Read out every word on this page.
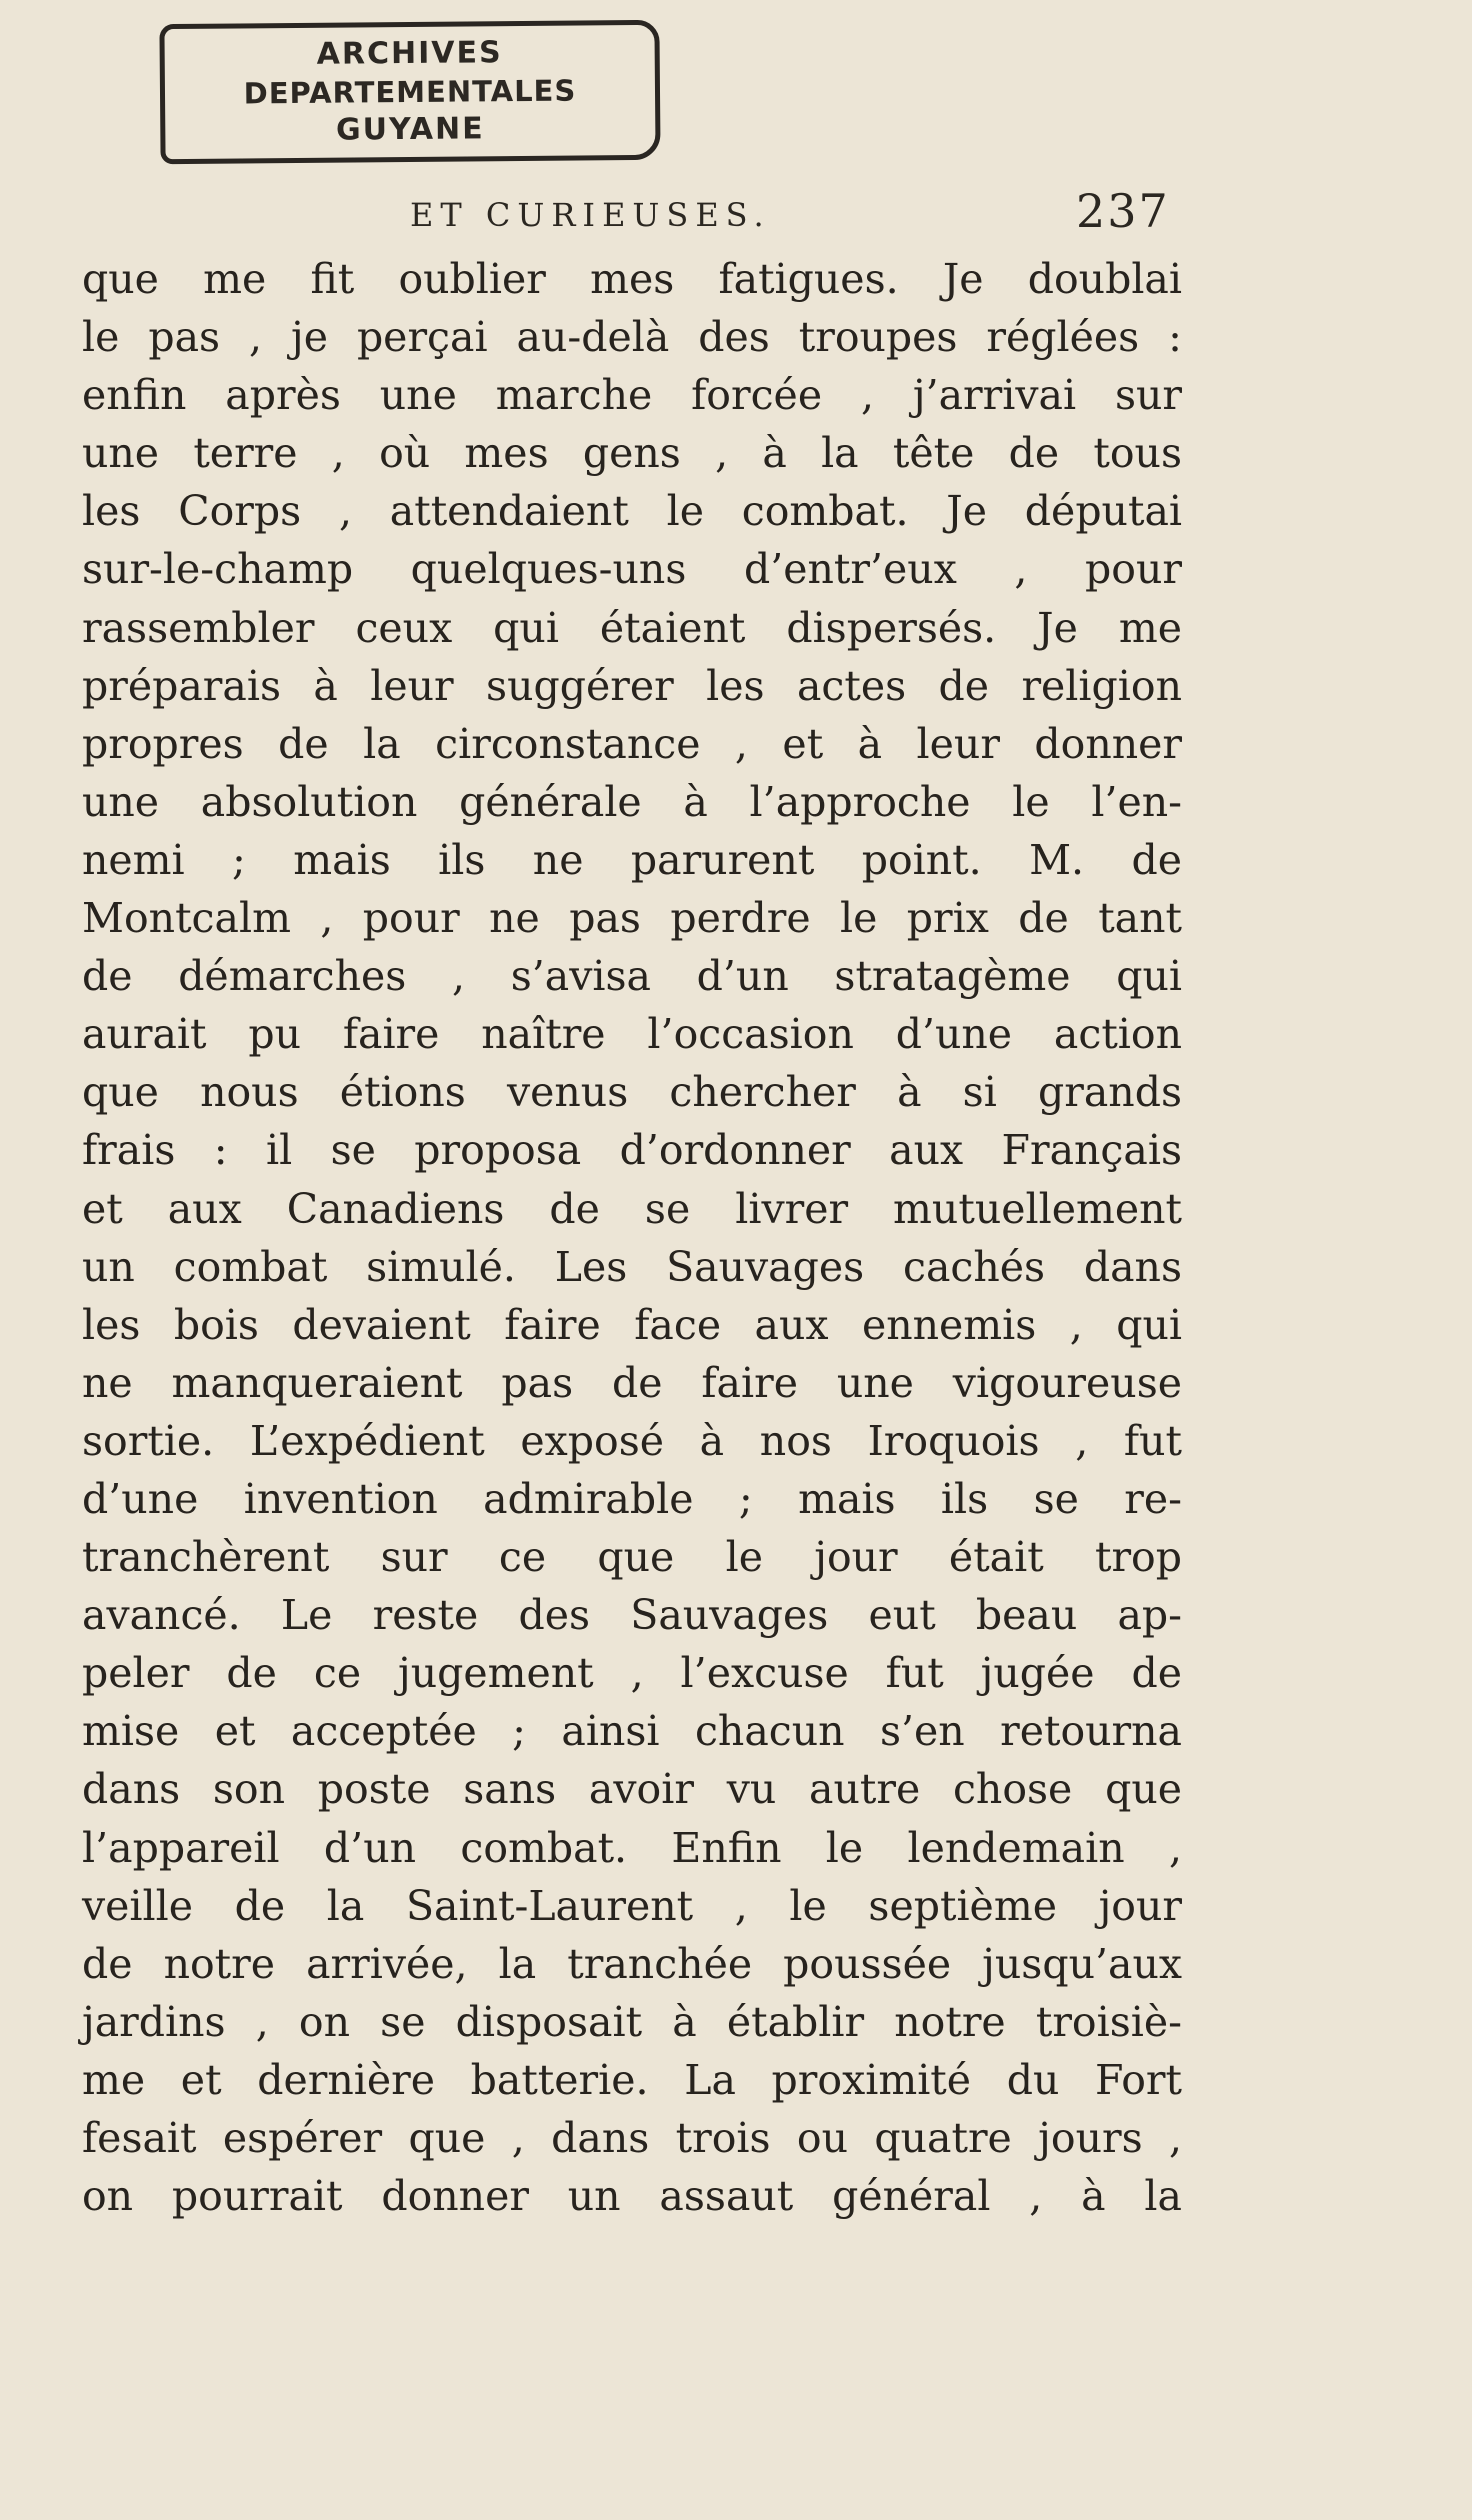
ARCHIVES
DEPARTEMENTALES
GUYANE
ET CURIEUSES.	237
que me fit oublier mes fatigues. Je doublai
le pas , je perçai au-delà des troupes réglées :
enfin après une marche forcée , j’arrivai sur
une terre , où mes gens , à la tête de tous
les Corps , attendaient le combat. Je députai
sur-le-champ quelques-uns d’entr’eux , pour
rassembler ceux qui étaient dispersés. Je me
préparais à leur suggérer les actes de religion
propres de la circonstance , et à leur donner
une absolution générale à l’approche le l’en-
nemi ; mais ils ne parurent point. M. de
Montcalm , pour ne pas perdre le prix de tant
de démarches , s’avisa d’un stratagème qui
aurait pu faire naître l’occasion d’une action
que nous étions venus chercher à si grands
frais : il se proposa d’ordonner aux Français
et aux Canadiens de se livrer mutuellement
un combat simulé. Les Sauvages cachés dans
les bois devaient faire face aux ennemis , qui
ne manqueraient pas de faire une vigoureuse
sortie. L’expédient exposé à nos Iroquois , fut
d’une invention admirable ; mais ils se re-
tranchèrent sur ce que le jour était trop
avancé. Le reste des Sauvages eut beau ap-
peler de ce jugement , l’excuse fut jugée de
mise et acceptée ; ainsi chacun s’en retourna
dans son poste sans avoir vu autre chose que
l’appareil d’un combat. Enfin le lendemain ,
veille de la Saint-Laurent , le septième jour
de notre arrivée, la tranchée poussée jusqu’aux
jardins , on se disposait à établir notre troisiè-
me et dernière batterie. La proximité du Fort
fesait espérer que , dans trois ou quatre jours ,
on pourrait donner un assaut général , à la
